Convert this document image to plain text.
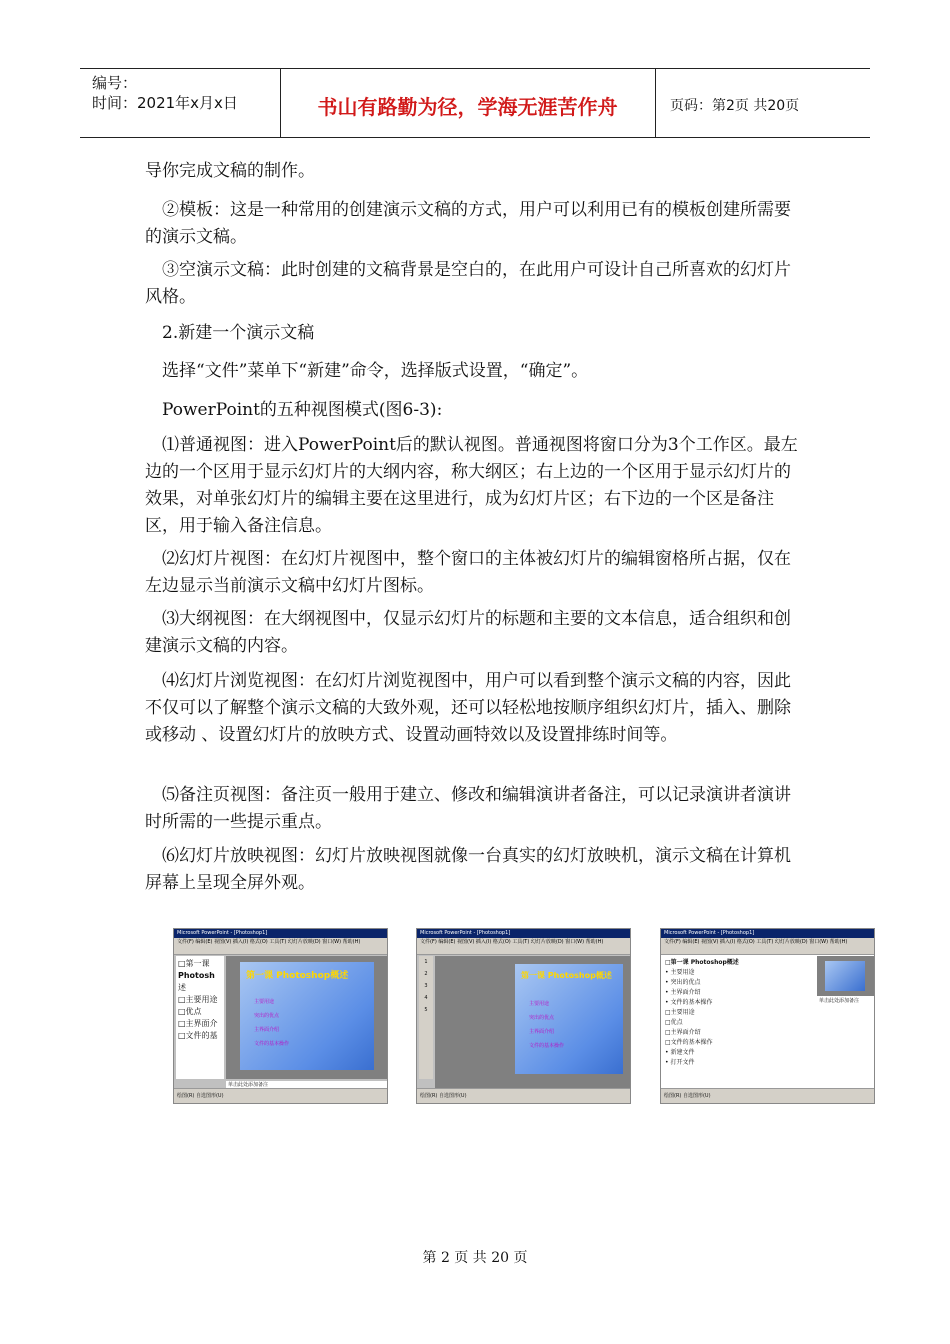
编号：
时间：2021年x月x日	书山有路勤为径，学海无涯苦作舟	页码：第2页 共20页

导你完成文稿的制作。

　②模板：这是一种常用的创建演示文稿的方式，用户可以利用已有的模板创建所需要的演示文稿。

　③空演示文稿：此时创建的文稿背景是空白的，在此用户可设计自己所喜欢的幻灯片风格。

　2.新建一个演示文稿

　选择“文件”菜单下“新建”命令，选择版式设置，“确定”。

　PowerPoint的五种视图模式(图6-3):

　⑴普通视图：进入PowerPoint后的默认视图。普通视图将窗口分为3个工作区。最左边的一个区用于显示幻灯片的大纲内容，称大纲区；右上边的一个区用于显示幻灯片的效果，对单张幻灯片的编辑主要在这里进行，成为幻灯片区；右下边的一个区是备注区，用于输入备注信息。

　⑵幻灯片视图：在幻灯片视图中，整个窗口的主体被幻灯片的编辑窗格所占据，仅在左边显示当前演示文稿中幻灯片图标。

　⑶大纲视图：在大纲视图中，仅显示幻灯片的标题和主要的文本信息，适合组织和创建演示文稿的内容。

　⑷幻灯片浏览视图：在幻灯片浏览视图中，用户可以看到整个演示文稿的内容，因此不仅可以了解整个演示文稿的大致外观，还可以轻松地按顺序组织幻灯片，插入、删除或移动 、设置幻灯片的放映方式、设置动画特效以及设置排练时间等。

　⑸备注页视图：备注页一般用于建立、修改和编辑演讲者备注，可以记录演讲者演讲时所需的一些提示重点。

　⑹幻灯片放映视图：幻灯片放映视图就像一台真实的幻灯放映机，演示文稿在计算机屏幕上呈现全屏外观。

Microsoft PowerPoint - [Photoshop1]
文件(F) 编辑(E) 视图(V) 插入(I) 格式(O) 工具(T) 幻灯片放映(D) 窗口(W) 帮助(H)
□第一课
Photosh
述
□主要用途
□优点
□主界面介
□文件的基
第一课 Photoshop概述
主要用途
突出的优点
主界面介绍
文件的基本操作
单击此处添加备注
绘图(R) 自选图形(U)
Microsoft PowerPoint - [Photoshop1]
文件(F) 编辑(E) 视图(V) 插入(I) 格式(O) 工具(T) 幻灯片放映(D) 窗口(W) 帮助(H)
1
2
3
4
5
第一课 Photoshop概述
主要用途
突出的优点
主界面介绍
文件的基本操作
绘图(R) 自选图形(U)
Microsoft PowerPoint - [Photoshop1]
文件(F) 编辑(E) 视图(V) 插入(I) 格式(O) 工具(T) 幻灯片放映(D) 窗口(W) 帮助(H)
□第一课 Photoshop概述
• 主要用途
• 突出的优点
• 主界面介绍
• 文件的基本操作
□主要用途
□优点
□主界面介绍
□文件的基本操作
• 新建文件
• 打开文件
单击此处添加备注
绘图(R) 自选图形(U)
第 2 页 共 20 页
